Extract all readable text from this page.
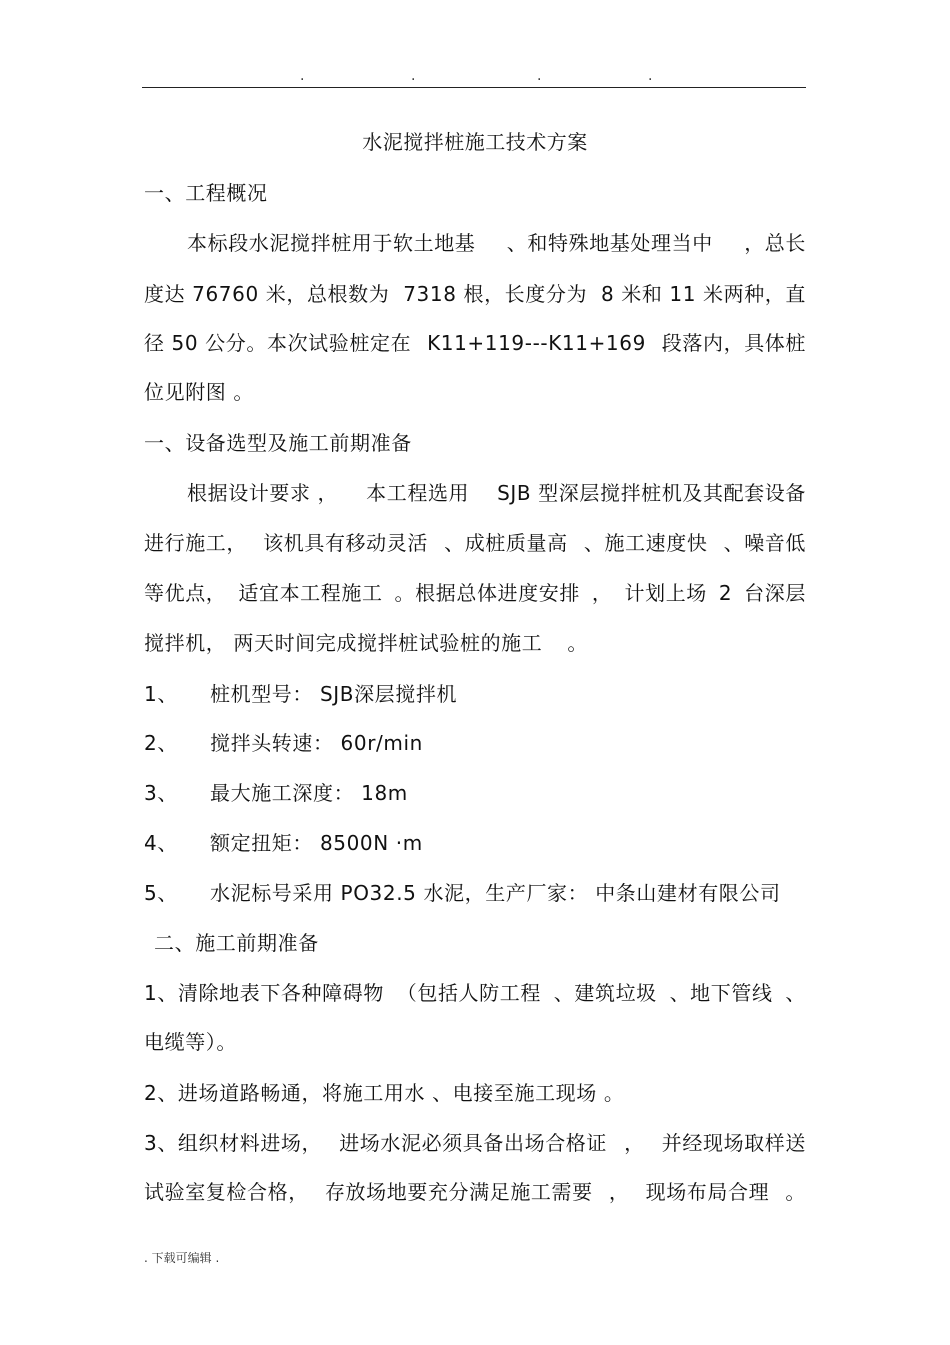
.	.	.	.
水泥搅拌桩施工技术方案
一、工程概况
本标段水泥搅拌桩用于软土地基 、和特殊地基处理当中 ，总长
度达 76760 米，总根数为 7318 根，长度分为 8 米和 11 米两种，直
径 50 公分。本次试验桩定在 K11+119---K11+169 段落内，具体桩
位见附图 。
一、设备选型及施工前期准备
根据设计要求 ， 本工程选用 SJB 型深层搅拌桩机及其配套设备
进行施工， 该机具有移动灵活 、成桩质量高 、施工速度快 、噪音低
等优点， 适宜本工程施工 。根据总体进度安排 ， 计划上场 2 台深层
搅拌机， 两天时间完成搅拌桩试验桩的施工 。
1、 桩机型号： SJB深层搅拌机
2、 搅拌头转速： 60r/min
3、 最大施工深度： 18m
4、 额定扭矩： 8500N ·m
5、 水泥标号采用 PO32.5 水泥，生产厂家： 中条山建材有限公司
二、施工前期准备
1、清除地表下各种障碍物 （包括人防工程 、建筑垃圾 、地下管线 、
电缆等）。
2、进场道路畅通，将施工用水 、电接至施工现场 。
3、组织材料进场， 进场水泥必须具备出场合格证 ， 并经现场取样送
试验室复检合格， 存放场地要充分满足施工需要 ， 现场布局合理 。
. 下载可编辑 .
